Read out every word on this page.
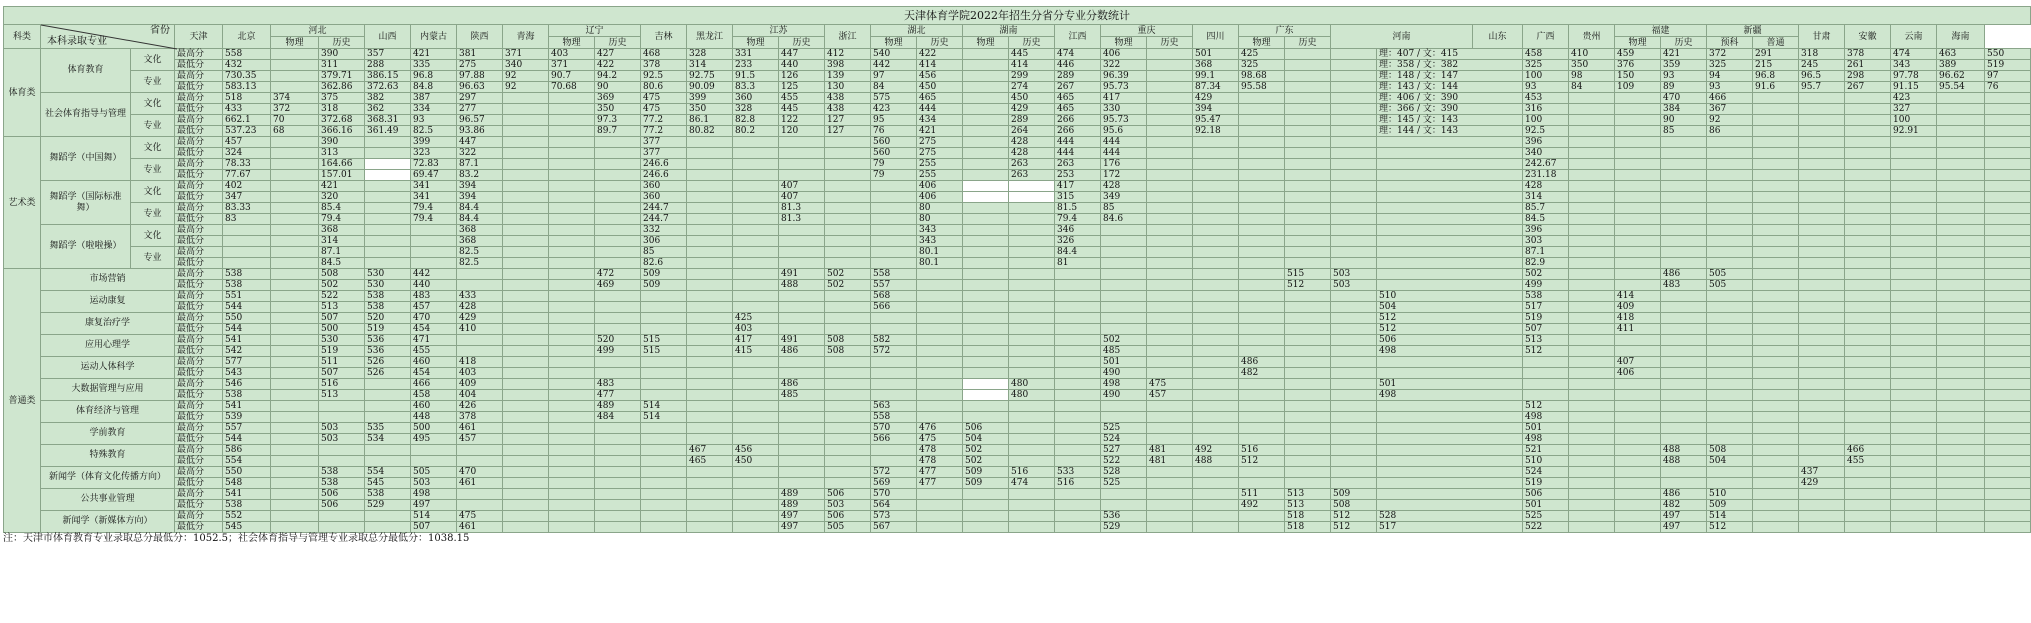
天津体育学院2022年招生分省分专业分数统计																																									
科类	省份
本科录取专业		天津	北京	河北		山西	内蒙古	陕西	青海	辽宁		吉林	黑龙江	江苏		浙江	湖北		湖南		江西	重庆		四川	广东		河南		山东	广西	贵州	福建		新疆		甘肃	安徽	云南	海南	
					物理	历史					物理	历史			物理	历史		物理	历史	物理	历史		物理	历史		物理	历史						物理	历史	预科	普通					
体育类	体育教育	文化	最高分	558		390	357	421	381	371	403	427	468	328	331	447	412	540	422		445	474	406		501	425			理：407 / 文：415		458	410	459	421	372	291	318	378	474	463	550
			最低分	432		311	288	335	275	340	371	422	378	314	233	440	398	442	414		414	446	322		368	325			理：358 / 文：382		325	350	376	359	325	215	245	261	343	389	519
		专业	最高分	730.35		379.71	386.15	96.8	97.88	92	90.7	94.2	92.5	92.75	91.5	126	139	97	456		299	289	96.39		99.1	98.68			理：148 / 文：147		100	98	150	93	94	96.8	96.5	298	97.78	96.62	97
			最低分	583.13		362.86	372.63	84.8	96.63	92	70.68	90	80.6	90.09	83.3	125	130	84	450		274	267	95.73		87.34	95.58			理：143 / 文：144		93	84	109	89	93	91.6	95.7	267	91.15	95.54	76
	社会体育指导与管理	文化	最高分	518	374	375	382	387	297			369	475	399	360	455	438	575	465		450	465	417		429				理：406 / 文：390		453			470	466				423		
			最低分	433	372	318	362	334	277			350	475	350	328	445	438	423	444		429	465	330		394				理：366 / 文：390		316			384	367				327		
		专业	最高分	662.1	70	372.68	368.31	93	96.57			97.3	77.2	86.1	82.8	122	127	95	434		289	266	95.73		95.47				理：145 / 文：143		100			90	92				100		
			最低分	537.23	68	366.16	361.49	82.5	93.86			89.7	77.2	80.82	80.2	120	127	76	421		264	266	95.6		92.18				理：144 / 文：143		92.5			85	86				92.91		
艺术类	舞蹈学（中国舞）	文化	最高分	457		390		399	447				377					560	275		428	444	444								396										
			最低分	324		313		323	322				377					560	275		428	444	444								340										
		专业	最高分	78.33		164.66		72.83	87.1				246.6					79	255		263	263	176								242.67										
			最低分	77.67		157.01		69.47	83.2				246.6					79	255		263	253	172								231.18										
	舞蹈学（国际标准舞）	文化	最高分	402		421		341	394				360			407			406			417	428								428										
			最低分	347		320		341	394				360			407			406			315	349								314										
		专业	最高分	83.33		85.4		79.4	84.4				244.7			81.3			80			81.5	85								85.7										
			最低分	83		79.4		79.4	84.4				244.7			81.3			80			79.4	84.6								84.5										
	舞蹈学（啦啦操）	文化	最高分			368			368				332						343			346									396										
			最低分			314			368				306						343			326									303										
		专业	最高分			87.1			82.5				85						80.1			84.4									87.1										
			最低分			84.5			82.5				82.6						80.1			81									82.9										
普通类	市场营销		最高分	538		508	530	442				472	509			491	502	558									515	503			502			486	505						
			最低分	538		502	530	440				469	509			488	502	557									512	503			499			483	505						
	运动康复		最高分	551		522	538	483	433									568											510		538		414								
			最低分	544		513	538	457	428									566											504		517		409								
	康复治疗学		最高分	550		507	520	470	429						425														512		519		418								
			最低分	544		500	519	454	410						403														512		507		411								
	应用心理学		最高分	541		530	536	471				520	515		417	491	508	582					502						506		513										
			最低分	542		519	536	455				499	515		415	486	508	572					485						498		512										
	运动人体科学		最高分	577		511	526	460	418														501			486							407								
			最低分	543		507	526	454	403														490			482							406								
	大数据管理与应用		最高分	546		516		466	409			483				486					480		498	475					501												
			最低分	538		513		458	404			477				485					480		490	457					498												
	体育经济与管理		最高分	541				460	426			489	514					563													512										
			最低分	539				448	378			484	514					558													498										
	学前教育		最高分	557		503	535	500	461									570	476	506			525								501										
			最低分	544		503	534	495	457									566	475	504			524								498										
	特殊教育		最高分	586										467	456				478	502			527	481	492	516					521			488	508			466			
			最低分	554										465	450				478	502			522	481	488	512					510			488	504			455			
	新闻学（体育文化传播方向）		最高分	550		538	554	505	470									572	477	509	516	533	528								524						437				
			最低分	548		538	545	503	461									569	477	509	474	516	525								519						429				
	公共事业管理		最高分	541		506	538	498								489	506	570								511	513	509			506			486	510						
			最低分	538		506	529	497								489	503	564								492	513	508			501			482	509						
	新闻学（新媒体方向）		最高分	552				514	475							497	506	573					536				518	512	528		525			497	514						
			最低分	545				507	461							497	505	567					529				518	512	517		522			497	512						
注：天津市体育教育专业录取总分最低分：1052.5；社会体育指导与管理专业录取总分最低分：1038.15
